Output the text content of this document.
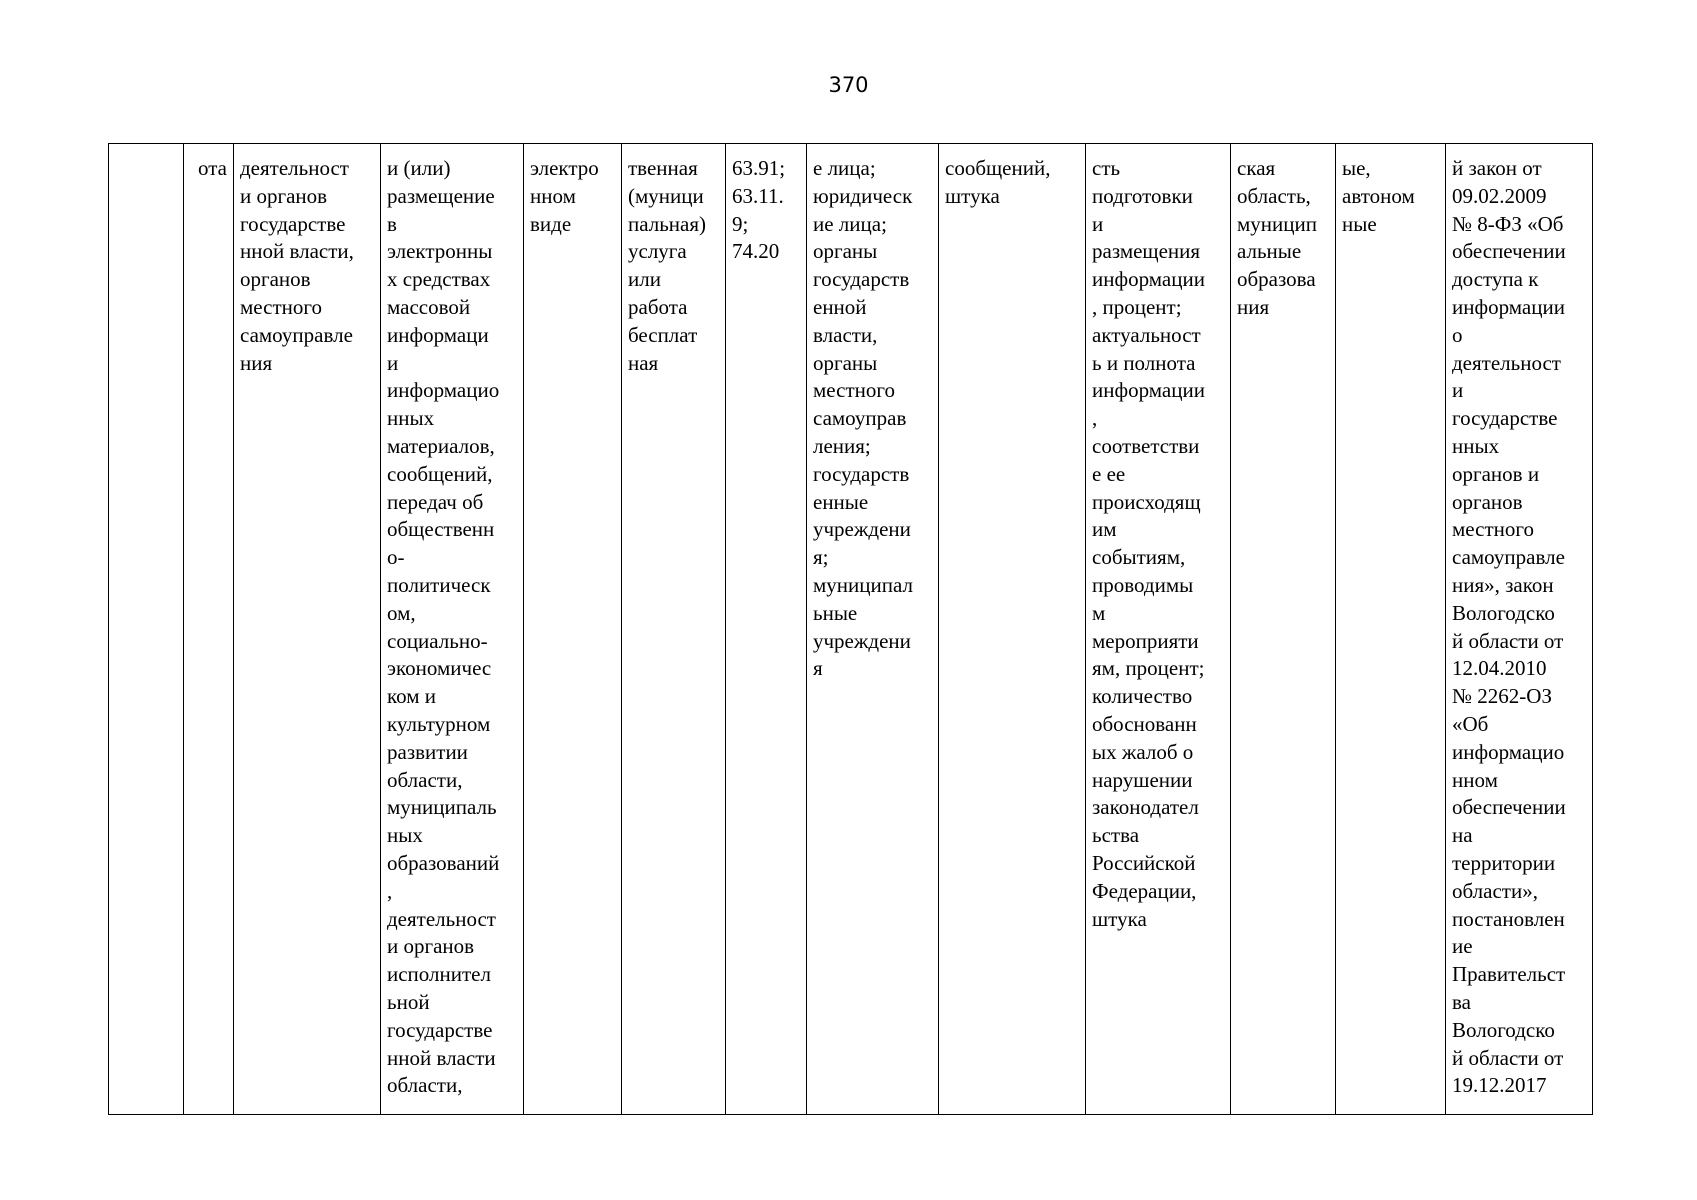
370
	ота	деятельност
и органов
государстве
нной власти,
органов
местного
самоуправле
ния	и (или)
размещение
в
электронны
х средствах
массовой
информаци
и
информацио
нных
материалов,
сообщений,
передач об
общественн
о-
политическ
ом,
социально-
экономичес
ком и
культурном
развитии
области,
муниципаль
ных
образований
,
деятельност
и органов
исполнител
ьной
государстве
нной власти
области,	электро
нном
виде	твенная
(муници
пальная)
услуга
или
работа
бесплат
ная	63.91;
63.11.
9;
74.20	е лица;
юридическ
ие лица;
органы
государств
енной
власти,
органы
местного
самоуправ
ления;
государств
енные
учреждени
я;
муниципал
ьные
учреждени
я	сообщений,
штука	сть
подготовки
и
размещения
информации
, процент;
актуальност
ь и полнота
информации
,
соответстви
е ее
происходящ
им
событиям,
проводимы
м
мероприяти
ям, процент;
количество
обоснованн
ых жалоб о
нарушении
законодател
ьства
Российской
Федерации,
штука	ская
область,
муницип
альные
образова
ния	ые,
автоном
ные	й закон от
09.02.2009
№ 8-ФЗ «Об
обеспечении
доступа к
информации
о
деятельност
и
государстве
нных
органов и
органов
местного
самоуправле
ния», закон
Вологодско
й области от
12.04.2010
№ 2262-ОЗ
«Об
информацио
нном
обеспечении
на
территории
области»,
постановлен
ие
Правительст
ва
Вологодско
й области от
19.12.2017
